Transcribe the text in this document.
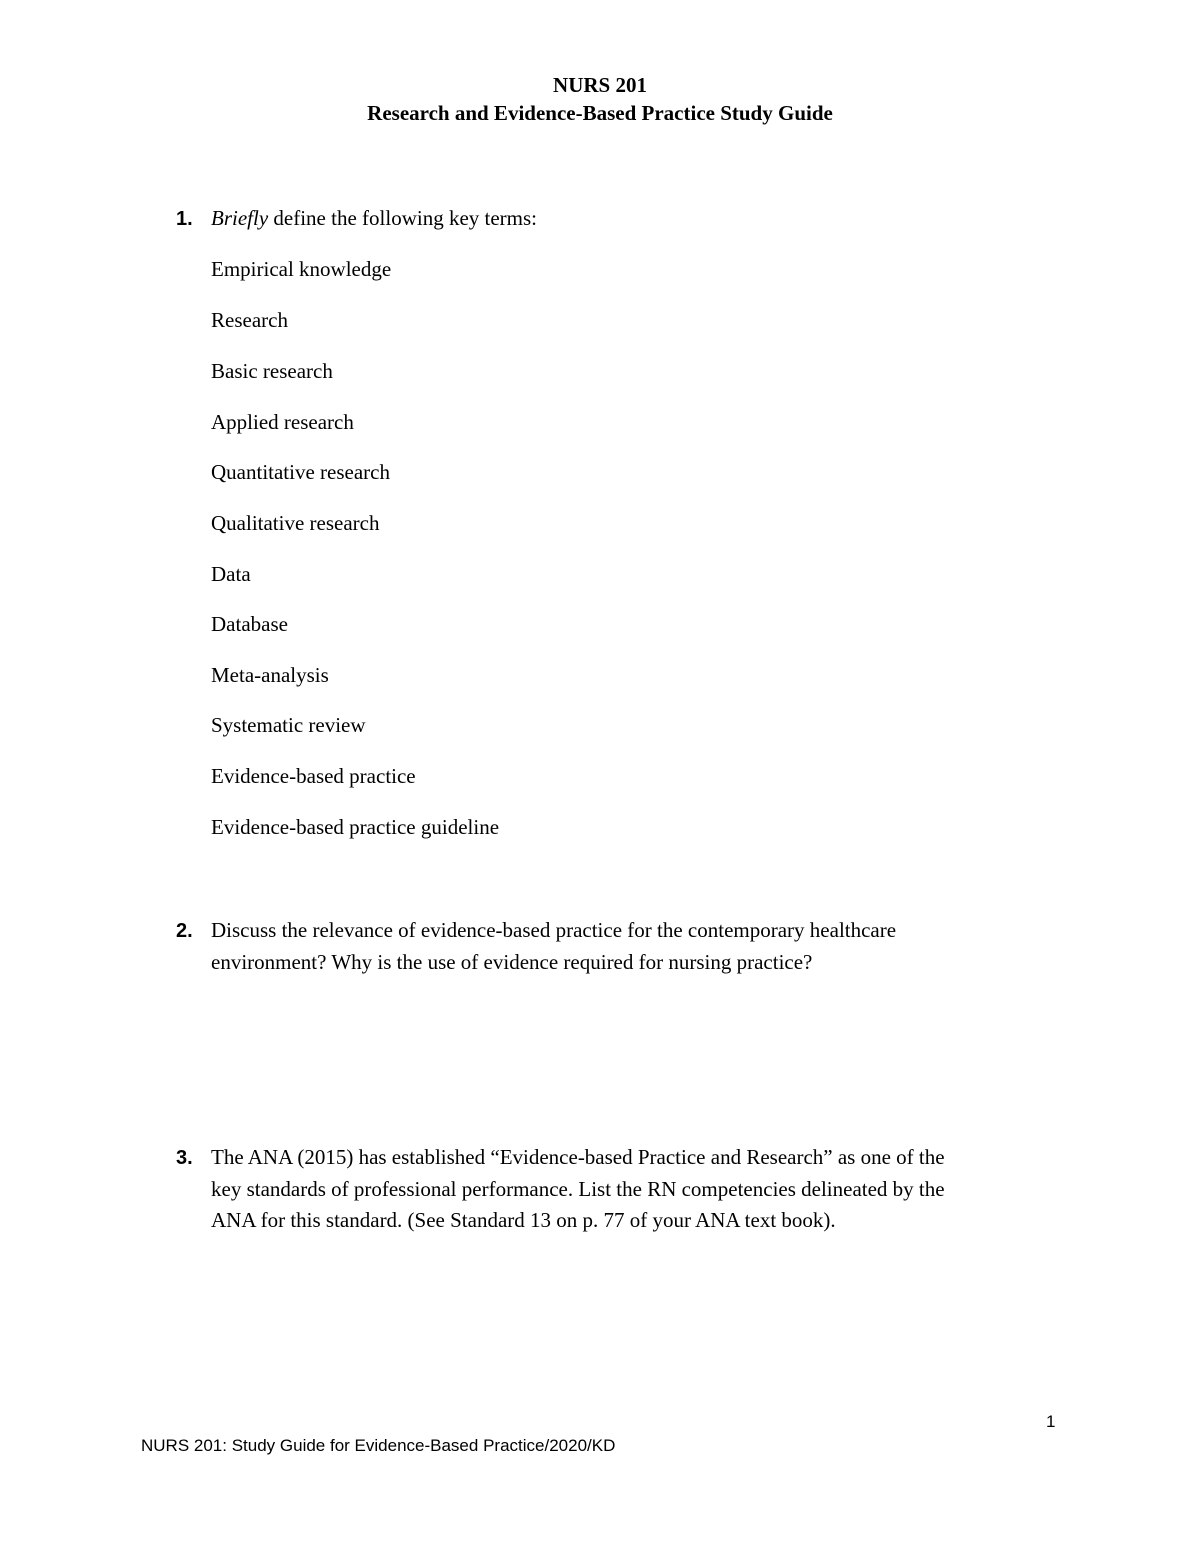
NURS 201
Research and Evidence-Based Practice Study Guide
1. Briefly define the following key terms:
Empirical knowledge
Research
Basic research
Applied research
Quantitative research
Qualitative research
Data
Database
Meta-analysis
Systematic review
Evidence-based practice
Evidence-based practice guideline
2. Discuss the relevance of evidence-based practice for the contemporary healthcare
environment? Why is the use of evidence required for nursing practice?
3. The ANA (2015) has established “Evidence-based Practice and Research” as one of the
key standards of professional performance. List the RN competencies delineated by the
ANA for this standard. (See Standard 13 on p. 77 of your ANA text book).
1
NURS 201: Study Guide for Evidence-Based Practice/2020/KD
